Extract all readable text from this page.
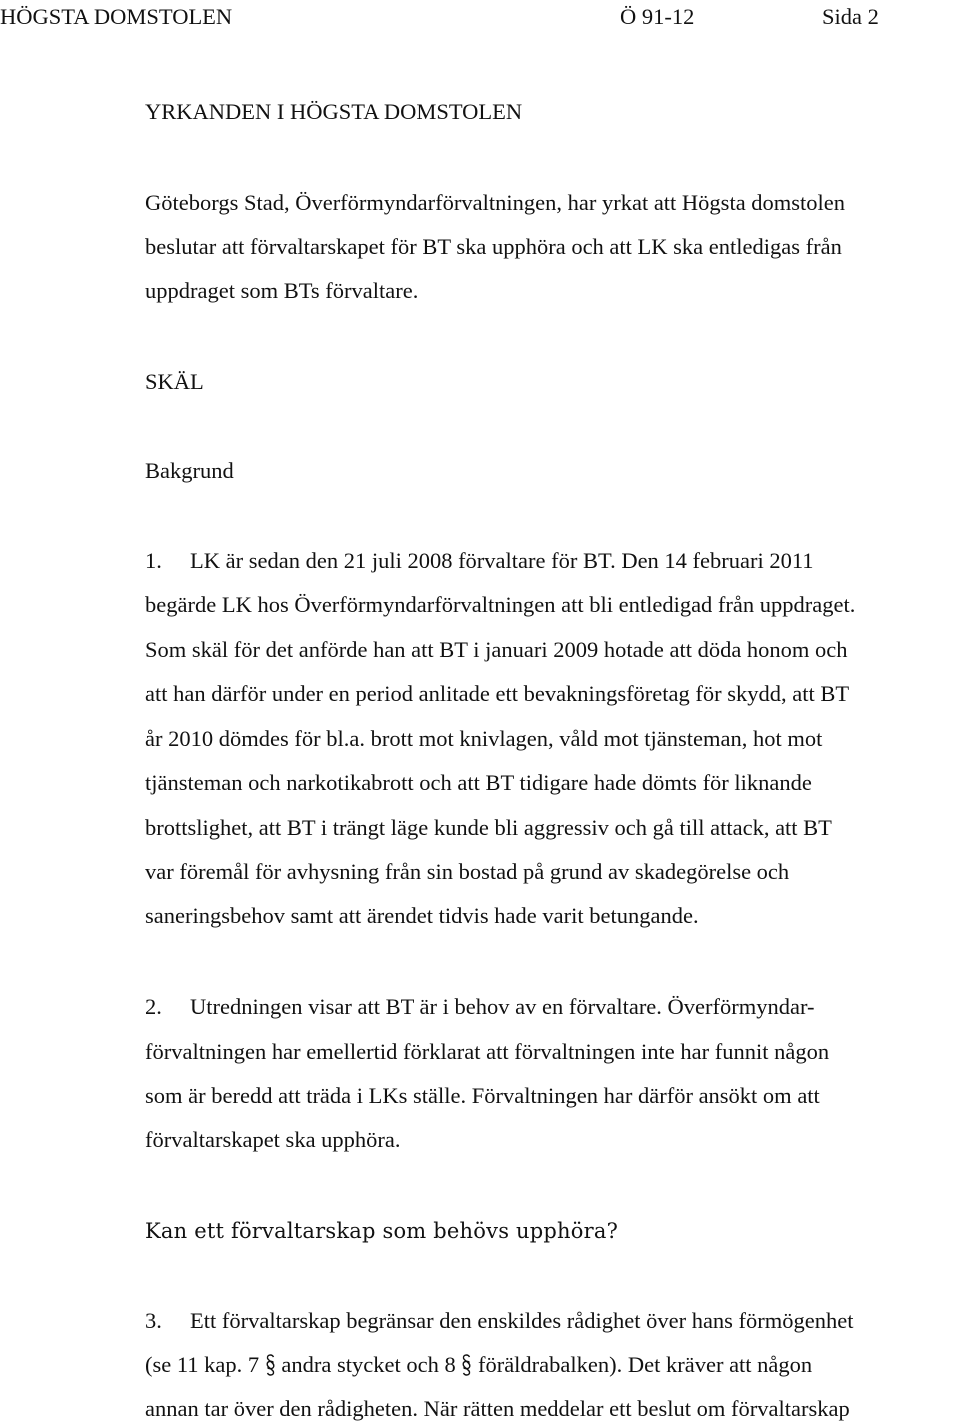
HÖGSTA DOMSTOLEN	Ö 91-12	Sida 2
YRKANDEN I HÖGSTA DOMSTOLEN
Göteborgs Stad, Överförmyndarförvaltningen, har yrkat att Högsta domstolen
beslutar att förvaltarskapet för BT ska upphöra och att LK ska entledigas från
uppdraget som BTs förvaltare.
SKÄL
Bakgrund
1. LK är sedan den 21 juli 2008 förvaltare för BT. Den 14 februari 2011
begärde LK hos Överförmyndarförvaltningen att bli entledigad från uppdraget.
Som skäl för det anförde han att BT i januari 2009 hotade att döda honom och
att han därför under en period anlitade ett bevakningsföretag för skydd, att BT
år 2010 dömdes för bl.a. brott mot knivlagen, våld mot tjänsteman, hot mot
tjänsteman och narkotikabrott och att BT tidigare hade dömts för liknande
brottslighet, att BT i trängt läge kunde bli aggressiv och gå till attack, att BT
var föremål för avhysning från sin bostad på grund av skadegörelse och
saneringsbehov samt att ärendet tidvis hade varit betungande.
2. Utredningen visar att BT är i behov av en förvaltare. Överförmyndar-
förvaltningen har emellertid förklarat att förvaltningen inte har funnit någon
som är beredd att träda i LKs ställe. Förvaltningen har därför ansökt om att
förvaltarskapet ska upphöra.
Kan ett förvaltarskap som behövs upphöra?
3. Ett förvaltarskap begränsar den enskildes rådighet över hans förmögenhet
(se 11 kap. 7 andra stycket och 8 föräldrabalken). Det kräver att någon
annan tar över den rådigheten. När rätten meddelar ett beslut om förvaltarskap
